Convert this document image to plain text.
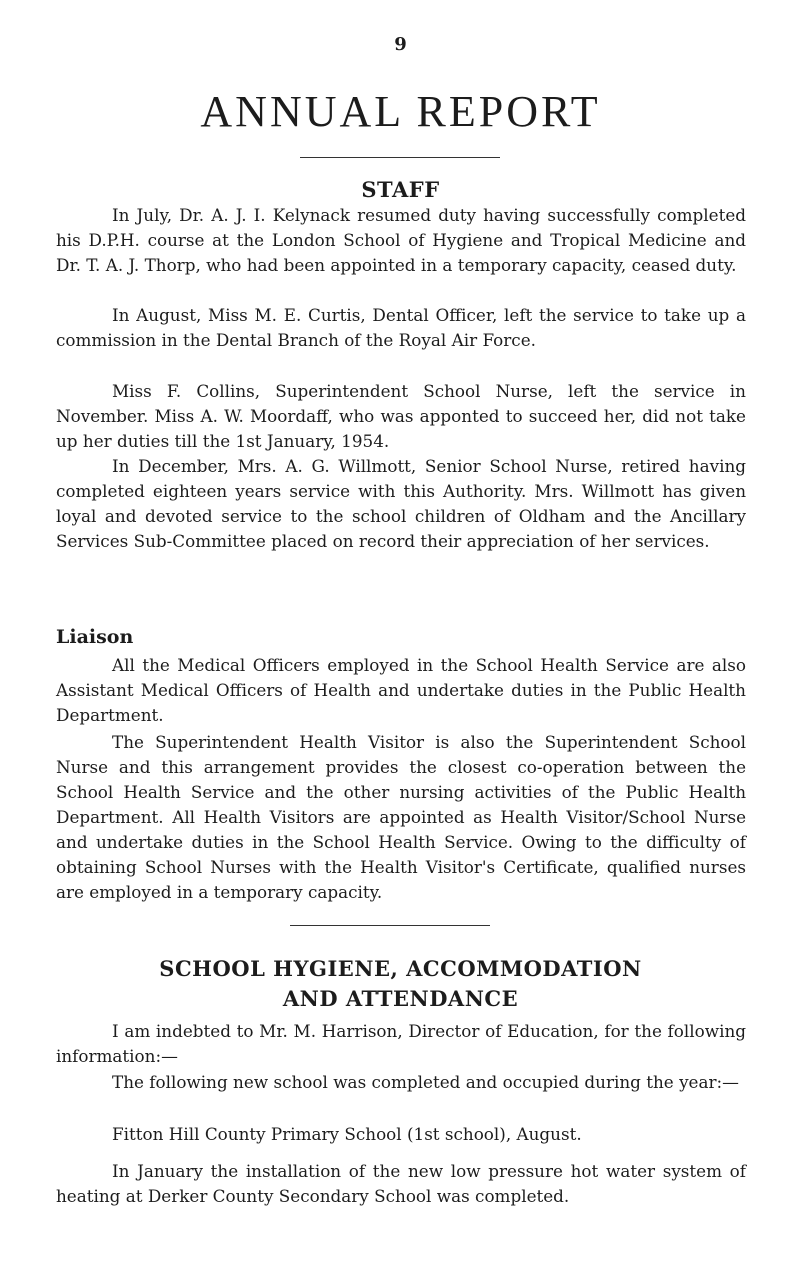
9
ANNUAL REPORT
STAFF

In July, Dr. A. J. I. Kelynack resumed duty having successfully completed his D.P.H. course at the London School of Hygiene and Tropical Medicine and Dr. T. A. J. Thorp, who had been appointed in a temporary capacity, ceased duty.

In August, Miss M. E. Curtis, Dental Officer, left the service to take up a commission in the Dental Branch of the Royal Air Force.

Miss F. Collins, Superintendent School Nurse, left the service in November. Miss A. W. Moordaff, who was apponted to succeed her, did not take up her duties till the 1st January, 1954.

In December, Mrs. A. G. Willmott, Senior School Nurse, retired having completed eighteen years service with this Authority. Mrs. Willmott has given loyal and devoted service to the school children of Oldham and the Ancillary Services Sub-Committee placed on record their appreciation of her services.

Liaison

All the Medical Officers employed in the School Health Service are also Assistant Medical Officers of Health and undertake duties in the Public Health Department.

The Superintendent Health Visitor is also the Superintendent School Nurse and this arrangement provides the closest co-operation between the School Health Service and the other nursing activities of the Public Health Department. All Health Visitors are appointed as Health Visitor/School Nurse and undertake duties in the School Health Service. Owing to the difficulty of obtaining School Nurses with the Health Visitor's Certificate, qualified nurses are employed in a temporary capacity.

SCHOOL HYGIENE, ACCOMMODATION
AND ATTENDANCE

I am indebted to Mr. M. Harrison, Director of Education, for the following information:—

The following new school was completed and occupied during the year:—

Fitton Hill County Primary School (1st school), August.

In January the installation of the new low pressure hot water system of heating at Derker County Secondary School was completed.
